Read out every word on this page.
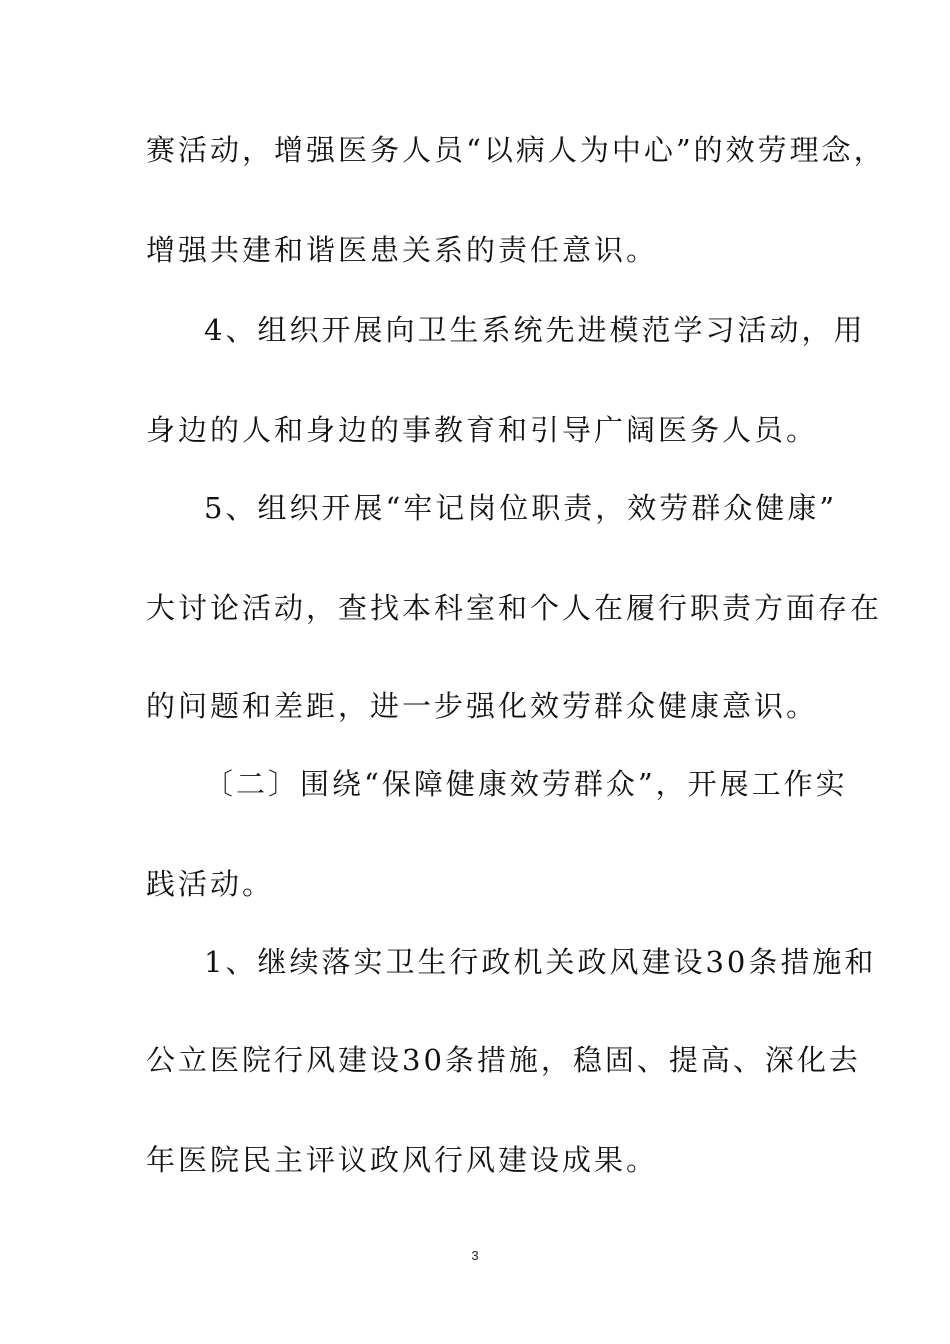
赛活动，增强医务人员“以病人为中心”的效劳理念，
增强共建和谐医患关系的责任意识。
4、组织开展向卫生系统先进模范学习活动，用
身边的人和身边的事教育和引导广阔医务人员。
5、组织开展“牢记岗位职责，效劳群众健康”
大讨论活动，查找本科室和个人在履行职责方面存在
的问题和差距，进一步强化效劳群众健康意识。
〔二〕围绕“保障健康效劳群众”，开展工作实
践活动。
1、继续落实卫生行政机关政风建设30条措施和
公立医院行风建设30条措施，稳固、提高、深化去
年医院民主评议政风行风建设成果。
3
